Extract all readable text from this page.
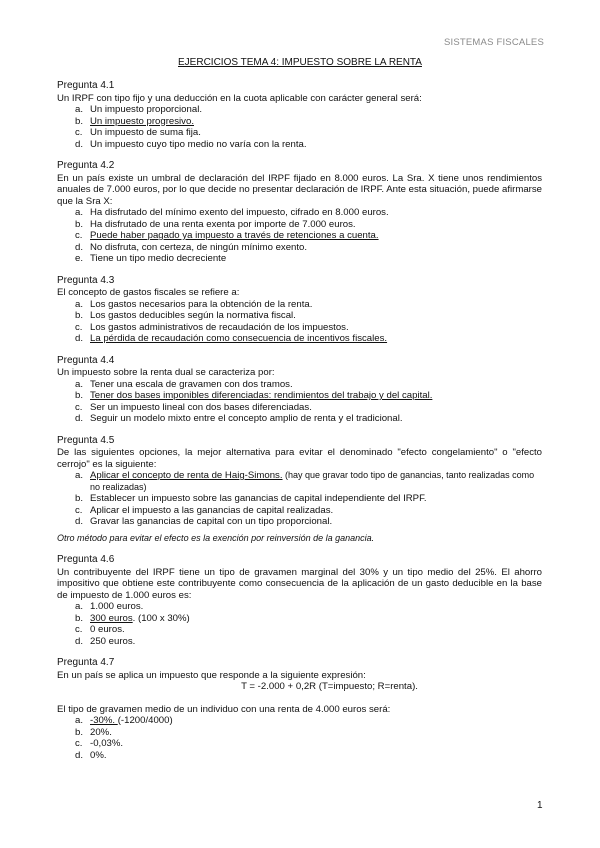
SISTEMAS FISCALES
EJERCICIOS TEMA 4: IMPUESTO SOBRE LA RENTA
Pregunta 4.1
Un IRPF con tipo fijo y una deducción en la cuota aplicable con carácter general será:
a. Un impuesto proporcional.
b. Un impuesto progresivo.
c. Un impuesto de suma fija.
d. Un impuesto cuyo tipo medio no varía con la renta.
Pregunta 4.2
En un país existe un umbral de declaración del IRPF fijado en 8.000 euros. La Sra. X tiene unos rendimientos anuales de 7.000 euros, por lo que decide no presentar declaración de IRPF. Ante esta situación, puede afirmarse que la Sra X:
a. Ha disfrutado del mínimo exento del impuesto, cifrado en 8.000 euros.
b. Ha disfrutado de una renta exenta por importe de 7.000 euros.
c. Puede haber pagado ya impuesto a través de retenciones a cuenta.
d. No disfruta, con certeza, de ningún mínimo exento.
e. Tiene un tipo medio decreciente
Pregunta 4.3
El concepto de gastos fiscales se refiere a:
a. Los gastos necesarios para la obtención de la renta.
b. Los gastos deducibles según la normativa fiscal.
c. Los gastos administrativos de recaudación de los impuestos.
d. La pérdida de recaudación como consecuencia de incentivos fiscales.
Pregunta 4.4
Un impuesto sobre la renta dual se caracteriza por:
a. Tener una escala de gravamen con dos tramos.
b. Tener dos bases imponibles diferenciadas: rendimientos del trabajo y del capital.
c. Ser un impuesto lineal con dos bases diferenciadas.
d. Seguir un modelo mixto entre el concepto amplio de renta y el tradicional.
Pregunta 4.5
De las siguientes opciones, la mejor alternativa para evitar el denominado "efecto congelamiento" o "efecto cerrojo" es la siguiente:
a. Aplicar el concepto de renta de Haig-Simons. (hay que gravar todo tipo de ganancias, tanto realizadas como no realizadas)
b. Establecer un impuesto sobre las ganancias de capital independiente del IRPF.
c. Aplicar el impuesto a las ganancias de capital realizadas.
d. Gravar las ganancias de capital con un tipo proporcional.
Otro método para evitar el efecto es la exención por reinversión de la ganancia.
Pregunta 4.6
Un contribuyente del IRPF tiene un tipo de gravamen marginal del 30% y un tipo medio del 25%. El ahorro impositivo que obtiene este contribuyente como consecuencia de la aplicación de un gasto deducible en la base de impuesto de 1.000 euros es:
a. 1.000 euros.
b. 300 euros. (100 x 30%)
c. 0 euros.
d. 250 euros.
Pregunta 4.7
En un país se aplica un impuesto que responde a la siguiente expresión:
T = -2.000 + 0,2R (T=impuesto; R=renta).
El tipo de gravamen medio de un individuo con una renta de 4.000 euros será:
a. -30%. (-1200/4000)
b. 20%.
c. -0,03%.
d. 0%.
1
